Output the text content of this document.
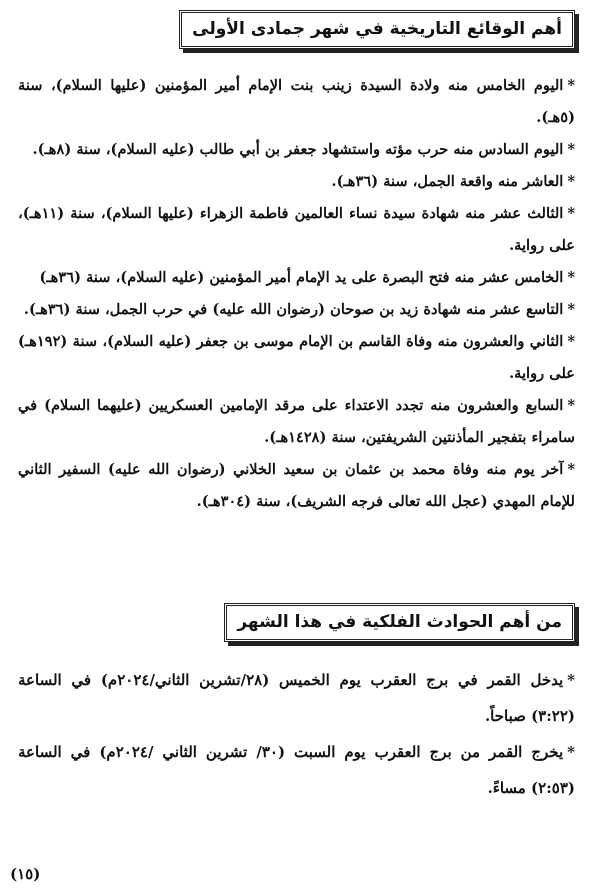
أهم الوقائع التاريخية في شهر جمادى الأولى

*اليوم الخامس منه ولادة السيدة زينب بنت الإمام أمير المؤمنين (عليها السلام)، سنة (٥هـ).

*اليوم السادس منه حرب مؤته واستشهاد جعفر بن أبي طالب (عليه السلام)، سنة (٨هـ).

*العاشر منه واقعة الجمل، سنة (٣٦هـ).

*الثالث عشر منه شهادة سيدة نساء العالمين فاطمة الزهراء (عليها السلام)، سنة (١١هـ)، على رواية.

*الخامس عشر منه فتح البصرة على يد الإمام أمير المؤمنين (عليه السلام)، سنة (٣٦هـ)

*التاسع عشر منه شهادة زيد بن صوحان (رضوان الله عليه) في حرب الجمل، سنة (٣٦هـ).

*الثاني والعشرون منه وفاة القاسم بن الإمام موسى بن جعفر (عليه السلام)، سنة (١٩٢هـ) على رواية.

*السابع والعشرون منه تجدد الاعتداء على مرقد الإمامين العسكريين (عليهما السلام) في سامراء بتفجير المأذنتين الشريفتين، سنة (١٤٢٨هـ).

*آخر يوم منه وفاة محمد بن عثمان بن سعيد الخلاني (رضوان الله عليه) السفير الثاني للإمام المهدي (عجل الله تعالى فرجه الشريف)، سنة (٣٠٤هـ).

من أهم الحوادث الفلكية في هذا الشهر

*يدخل القمر في برج العقرب يوم الخميس (٢٨/تشرين الثاني/٢٠٢٤م) في الساعة (٣:٢٢) صباحاً.

*يخرج القمر من برج العقرب يوم السبت (٣٠/ تشرين الثاني /٢٠٢٤م) في الساعة (٢:٥٣) مساءً.

(١٥)
